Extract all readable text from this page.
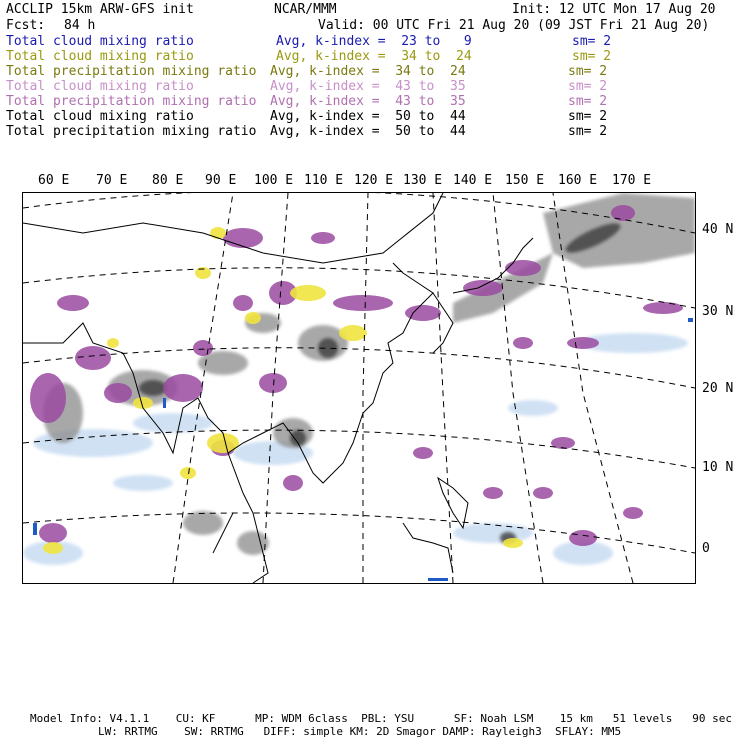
ACCLIP 15km ARW-GFS init	NCAR/MMM	Init: 12 UTC Mon 17 Aug 20
Fcst: 84 h	Valid: 00 UTC Fri 21 Aug 20 (09 JST Fri 21 Aug 20)
Total cloud mixing ratio	Avg, k-index =  23 to   9	sm= 2
Total cloud mixing ratio	Avg, k-index =  34 to  24	sm= 2
Total precipitation mixing ratio Avg, k-index =  34 to  24	sm= 2
Total cloud mixing ratio	Avg, k-index =  43 to  35	sm= 2
Total precipitation mixing ratio Avg, k-index =  43 to  35	sm= 2
Total cloud mixing ratio	Avg, k-index =  50 to  44	sm= 2
Total precipitation mixing ratio Avg, k-index =  50 to  44	sm= 2
60 E 70 E 80 E 90 E 100 E 110 E 120 E 130 E 140 E 150 E 160 E 170 E
40 N
30 N
20 N
10 N
0
Model Info: V4.1.1    CU: KF      MP: WDM 6class  PBL: YSU      SF: Noah LSM    15 km   51 levels   90 sec
LW: RRTMG    SW: RRTMG   DIFF: simple KM: 2D Smagor DAMP: Rayleigh3  SFLAY: MM5
